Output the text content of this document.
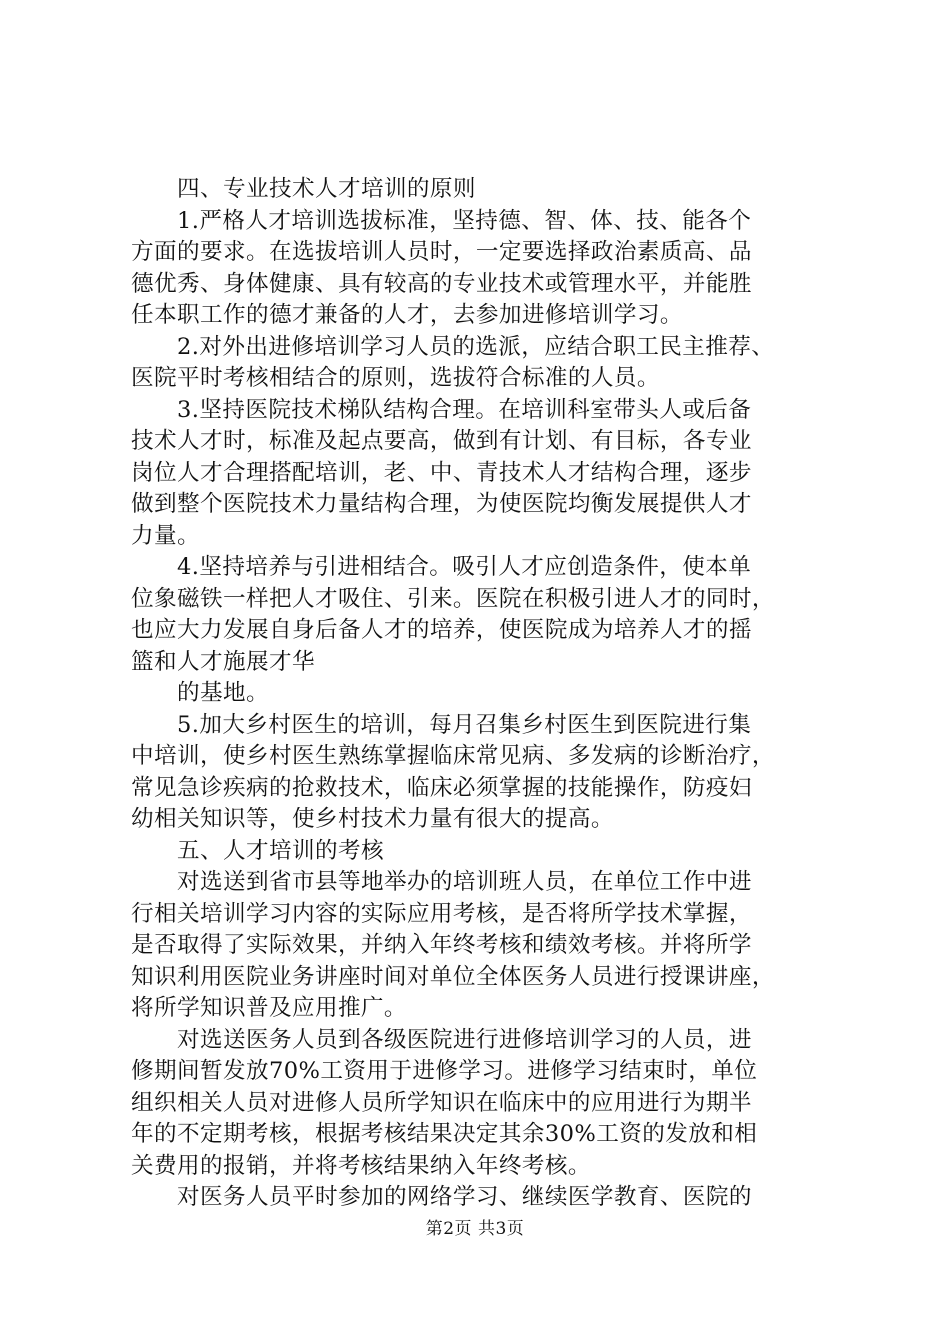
四、专业技术人才培训的原则
1.严格人才培训选拔标准，坚持德、智、体、技、能各个
方面的要求。在选拔培训人员时，一定要选择政治素质高、品
德优秀、身体健康、具有较高的专业技术或管理水平，并能胜
任本职工作的德才兼备的人才，去参加进修培训学习。
2.对外出进修培训学习人员的选派，应结合职工民主推荐、
医院平时考核相结合的原则，选拔符合标准的人员。
3.坚持医院技术梯队结构合理。在培训科室带头人或后备
技术人才时，标准及起点要高，做到有计划、有目标，各专业
岗位人才合理搭配培训，老、中、青技术人才结构合理，逐步
做到整个医院技术力量结构合理，为使医院均衡发展提供人才
力量。
4.坚持培养与引进相结合。吸引人才应创造条件，使本单
位象磁铁一样把人才吸住、引来。医院在积极引进人才的同时，
也应大力发展自身后备人才的培养，使医院成为培养人才的摇
篮和人才施展才华
的基地。
5.加大乡村医生的培训，每月召集乡村医生到医院进行集
中培训，使乡村医生熟练掌握临床常见病、多发病的诊断治疗，
常见急诊疾病的抢救技术，临床必须掌握的技能操作，防疫妇
幼相关知识等，使乡村技术力量有很大的提高。
五、人才培训的考核
对选送到省市县等地举办的培训班人员，在单位工作中进
行相关培训学习内容的实际应用考核，是否将所学技术掌握，
是否取得了实际效果，并纳入年终考核和绩效考核。并将所学
知识利用医院业务讲座时间对单位全体医务人员进行授课讲座，
将所学知识普及应用推广。
对选送医务人员到各级医院进行进修培训学习的人员，进
修期间暂发放70%工资用于进修学习。进修学习结束时，单位
组织相关人员对进修人员所学知识在临床中的应用进行为期半
年的不定期考核，根据考核结果决定其余30%工资的发放和相
关费用的报销，并将考核结果纳入年终考核。
对医务人员平时参加的网络学习、继续医学教育、医院的
第2页 共3页
